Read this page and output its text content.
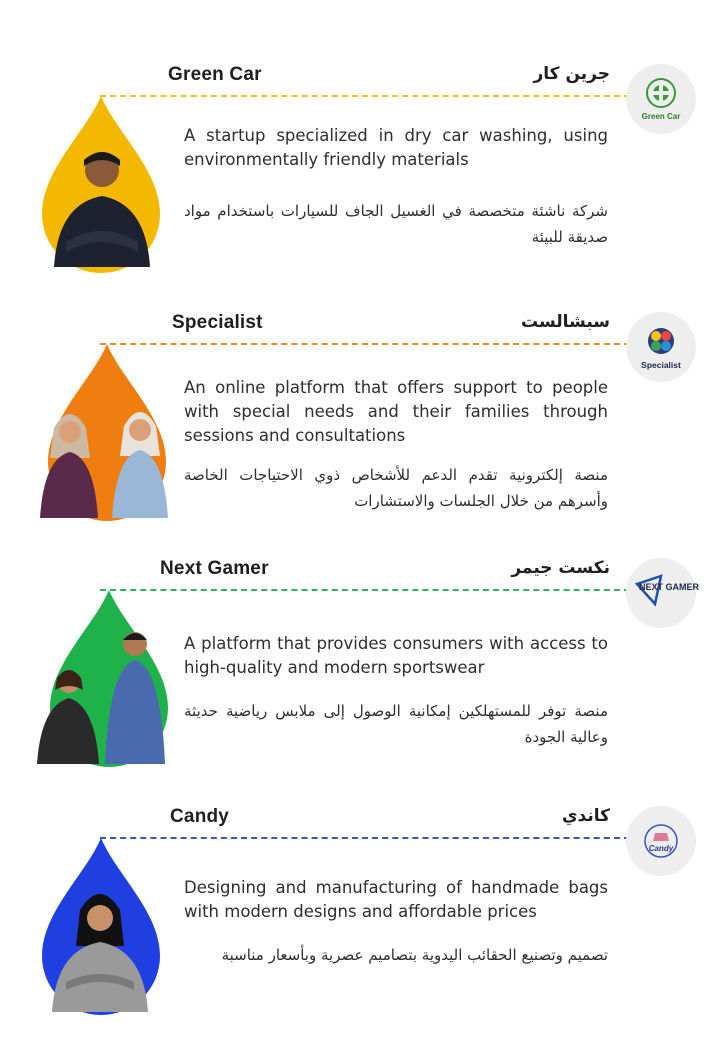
Green Car	جرين كار
Green Car
A startup specialized in dry car washing, using environmentally friendly materials
شركة ناشئة متخصصة في الغسيل الجاف للسيارات باستخدام مواد صديقة للبيئة
Specialist	سبشالست
Specialist
An online platform that offers support to people with special needs and their families through sessions and consultations
منصة إلكترونية تقدم الدعم للأشخاص ذوي الاحتياجات الخاصة وأسرهم من خلال الجلسات والاستشارات
Next Gamer	نكست جيمر
NEXT GAMER
A platform that provides consumers with access to high-quality and modern sportswear
منصة توفر للمستهلكين إمكانية الوصول إلى ملابس رياضية حديثة وعالية الجودة
Candy	كاندي
Candy
Designing and manufacturing of handmade bags with modern designs and affordable prices
تصميم وتصنيع الحقائب اليدوية بتصاميم عصرية وبأسعار مناسبة
